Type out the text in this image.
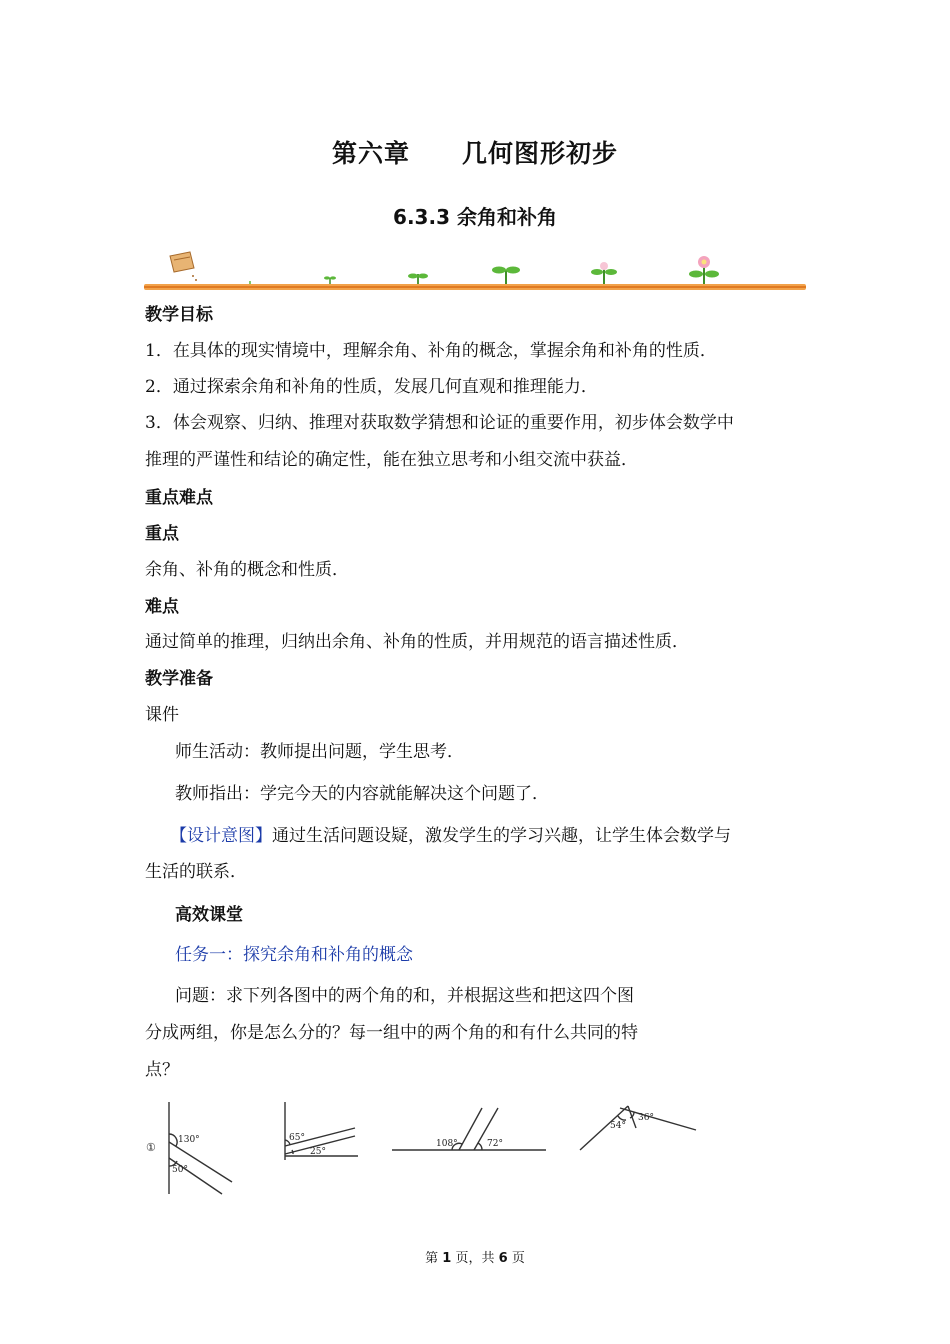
第六章 几何图形初步
6.3.3 余角和补角
教学目标
1．在具体的现实情境中，理解余角、补角的概念，掌握余角和补角的性质．
2．通过探索余角和补角的性质，发展几何直观和推理能力．
3．体会观察、归纳、推理对获取数学猜想和论证的重要作用，初步体会数学中
推理的严谨性和结论的确定性，能在独立思考和小组交流中获益．
重点难点
重点
余角、补角的概念和性质．
难点
通过简单的推理，归纳出余角、补角的性质，并用规范的语言描述性质．
教学准备
课件
师生活动：教师提出问题，学生思考．
教师指出：学完今天的内容就能解决这个问题了．
【设计意图】通过生活问题设疑，激发学生的学习兴趣，让学生体会数学与
生活的联系．
高效课堂
任务一：探究余角和补角的概念
问题：求下列各图中的两个角的和，并根据这些和把这四个图
分成两组，你是怎么分的？每一组中的两个角的和有什么共同的特
点？
①
130°
50°
65°
25°
108°	72°
54°
36°
第 1 页，共 6 页
